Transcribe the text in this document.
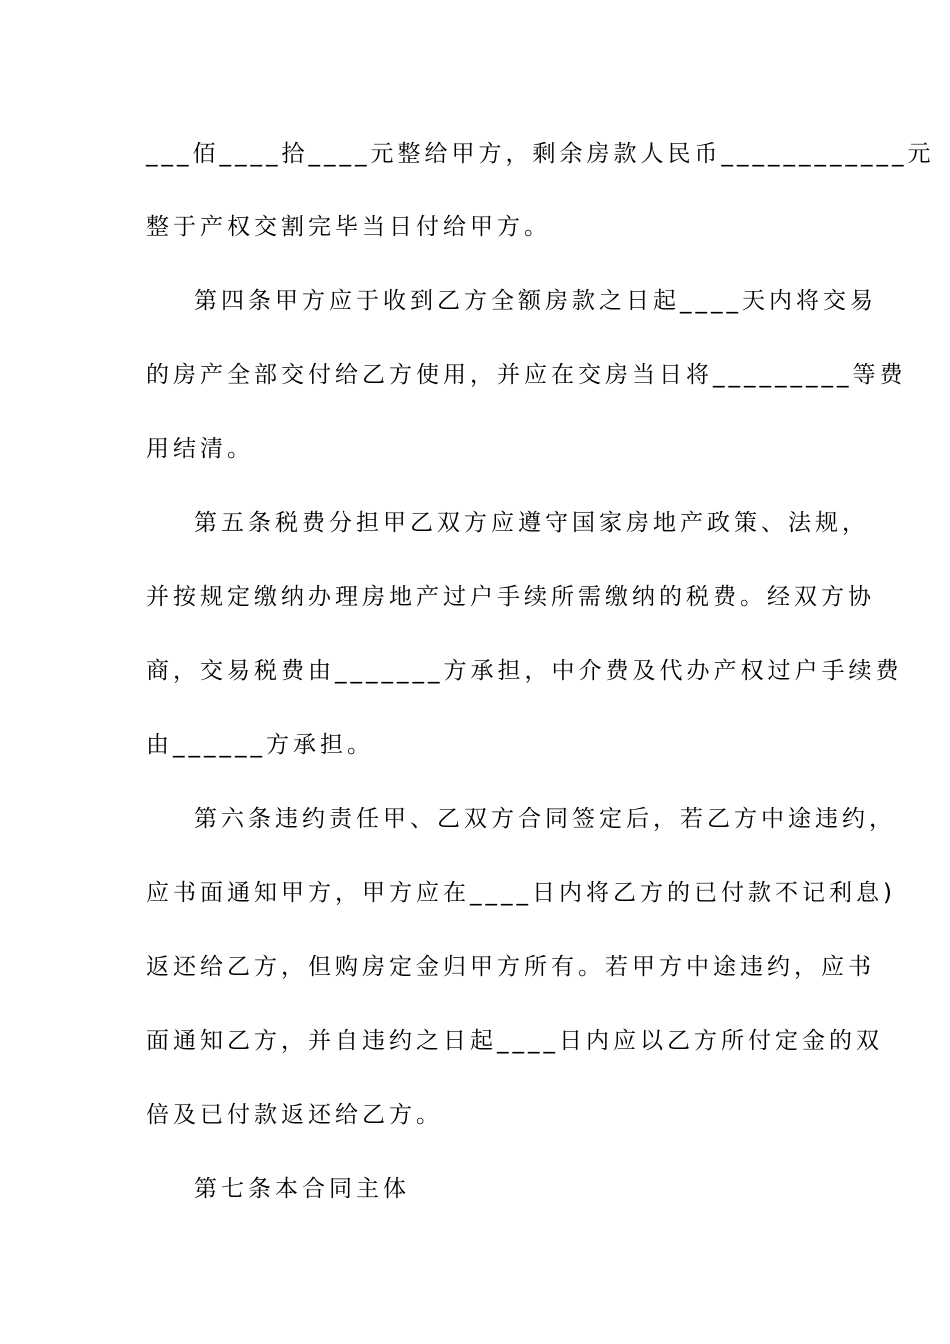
___佰____拾____元整给甲方，剩余房款人民币____________元
整于产权交割完毕当日付给甲方。
第四条甲方应于收到乙方全额房款之日起____天内将交易
的房产全部交付给乙方使用，并应在交房当日将_________等费
用结清。
第五条税费分担甲乙双方应遵守国家房地产政策、法规，
并按规定缴纳办理房地产过户手续所需缴纳的税费。经双方协
商，交易税费由_______方承担，中介费及代办产权过户手续费
由______方承担。
第六条违约责任甲、乙双方合同签定后，若乙方中途违约，
应书面通知甲方，甲方应在____日内将乙方的已付款不记利息)
返还给乙方，但购房定金归甲方所有。若甲方中途违约，应书
面通知乙方，并自违约之日起____日内应以乙方所付定金的双
倍及已付款返还给乙方。
第七条本合同主体
